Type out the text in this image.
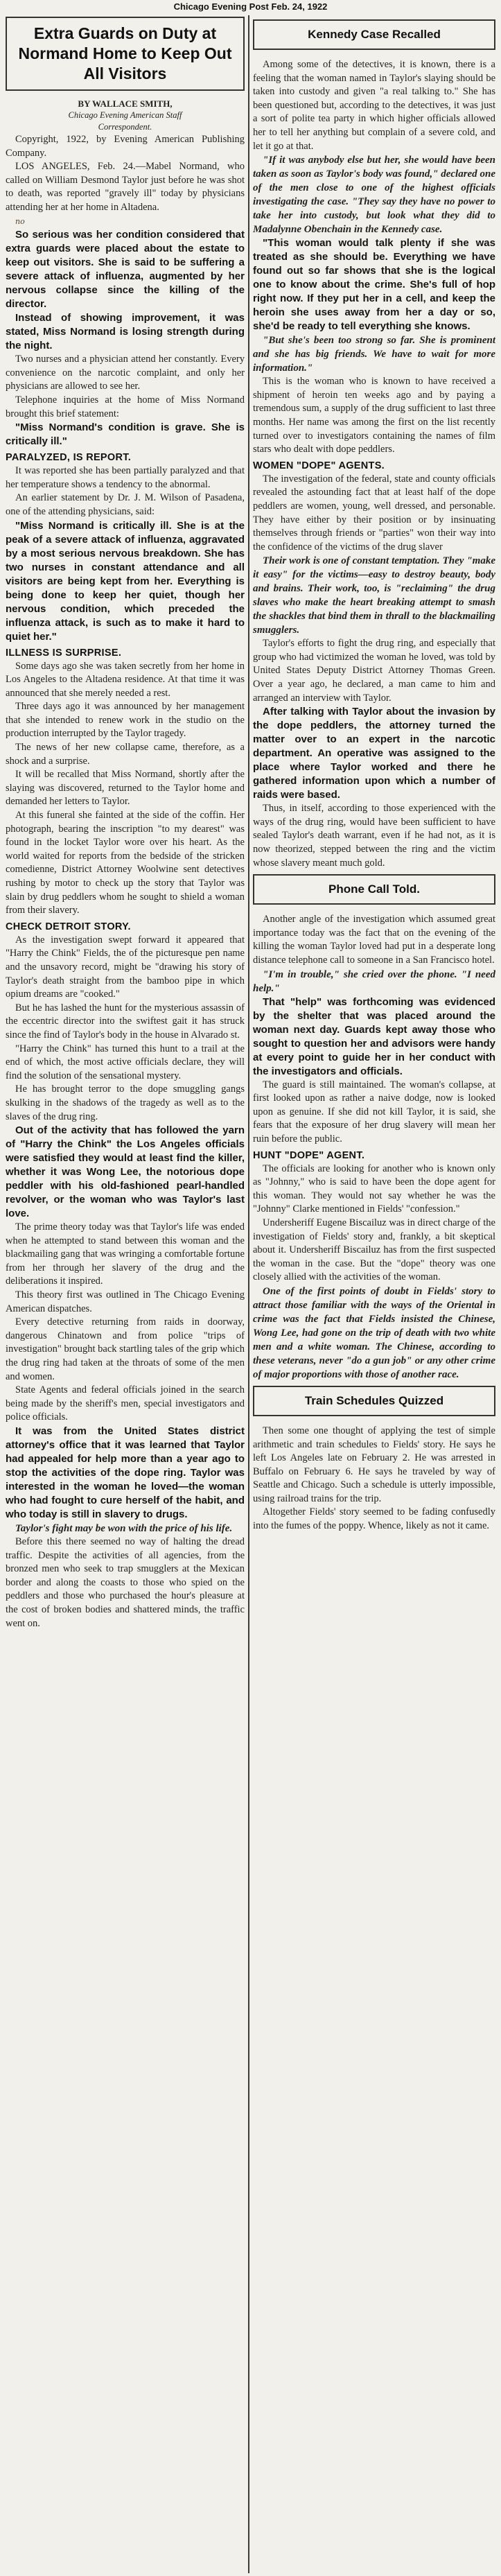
Chicago Evening Post Feb. 24, 1922
Extra Guards on Duty at Normand Home to Keep Out All Visitors
BY WALLACE SMITH,
Chicago Evening American Staff
Correspondent.

Copyright, 1922, by Evening American Publishing Company.

LOS ANGELES, Feb. 24.—Mabel Normand, who called on William Desmond Taylor just before he was shot to death, was reported "gravely ill" today by physicians attending her at her home in Altadena.

no

So serious was her condition considered that extra guards were placed about the estate to keep out visitors. She is said to be suffering a severe attack of influenza, augmented by her nervous collapse since the killing of the director.

Instead of showing improvement, it was stated, Miss Normand is losing strength during the night.

Two nurses and a physician attend her constantly. Every convenience on the narcotic complaint, and only her physicians are allowed to see her.

Telephone inquiries at the home of Miss Normand brought this brief statement:

"Miss Normand's condition is grave. She is critically ill."

PARALYZED, IS REPORT.

It was reported she has been partially paralyzed and that her temperature shows a tendency to the abnormal.

An earlier statement by Dr. J. M. Wilson of Pasadena, one of the attending physicians, said:

"Miss Normand is critically ill. She is at the peak of a severe attack of influenza, aggravated by a most serious nervous breakdown. She has two nurses in constant attendance and all visitors are being kept from her. Everything is being done to keep her quiet, though her nervous condition, which preceded the influenza attack, is such as to make it hard to quiet her."

ILLNESS IS SURPRISE.

Some days ago she was taken secretly from her home in Los Angeles to the Altadena residence. At that time it was announced that she merely needed a rest.

Three days ago it was announced by her management that she intended to renew work in the studio on the production interrupted by the Taylor tragedy.

The news of her new collapse came, therefore, as a shock and a surprise.

It will be recalled that Miss Normand, shortly after the slaying was discovered, returned to the Taylor home and demanded her letters to Taylor.

At this funeral she fainted at the side of the coffin. Her photograph, bearing the inscription "to my dearest" was found in the locket Taylor wore over his heart. As the world waited for reports from the bedside of the stricken comedienne, District Attorney Woolwine sent detectives rushing by motor to check up the story that Taylor was slain by drug peddlers whom he sought to shield a woman from their slavery.

CHECK DETROIT STORY.

As the investigation swept forward it appeared that "Harry the Chink" Fields, the of the picturesque pen name and the unsavory record, might be "drawing his story of Taylor's death straight from the bamboo pipe in which opium dreams are "cooked."

But he has lashed the hunt for the mysterious assassin of the eccentric director into the swiftest gait it has struck since the find of Taylor's body in the house in Alvarado st.

"Harry the Chink" has turned this hunt to a trail at the end of which, the most active officials declare, they will find the solution of the sensational mystery.

He has brought terror to the dope smuggling gangs skulking in the shadows of the tragedy as well as to the slaves of the drug ring.

Out of the activity that has followed the yarn of "Harry the Chink" the Los Angeles officials were satisfied they would at least find the killer, whether it was Wong Lee, the notorious dope peddler with his old-fashioned pearl-handled revolver, or the woman who was Taylor's last love.

The prime theory today was that Taylor's life was ended when he attempted to stand between this woman and the blackmailing gang that was wringing a comfortable fortune from her through her slavery of the drug and the deliberations it inspired.

This theory first was outlined in The Chicago Evening American dispatches.

Every detective returning from raids in doorway, dangerous Chinatown and from police "trips of investigation" brought back startling tales of the grip which the drug ring had taken at the throats of some of the men and women.

State Agents and federal officials joined in the search being made by the sheriff's men, special investigators and police officials.

It was from the United States district attorney's office that it was learned that Taylor had appealed for help more than a year ago to stop the activities of the dope ring. Taylor was interested in the woman he loved—the woman who had fought to cure herself of the habit, and who today is still in slavery to drugs.

Taylor's fight may be won with the price of his life.

Before this there seemed no way of halting the dread traffic. Despite the activities of all agencies, from the bronzed men who seek to trap smugglers at the Mexican border and along the coasts to those who spied on the peddlers and those who purchased the hour's pleasure at the cost of broken bodies and shattered minds, the traffic went on.

Kennedy Case Recalled

Among some of the detectives, it is known, there is a feeling that the woman named in Taylor's slaying should be taken into custody and given "a real talking to." She has been questioned but, according to the detectives, it was just a sort of polite tea party in which higher officials allowed her to tell her anything but complain of a severe cold, and let it go at that.

"If it was anybody else but her, she would have been taken as soon as Taylor's body was found," declared one of the men close to one of the highest officials investigating the case. "They say they have no power to take her into custody, but look what they did to Madalynne Obenchain in the Kennedy case.

"This woman would talk plenty if she was treated as she should be. Everything we have found out so far shows that she is the logical one to know about the crime. She's full of hop right now. If they put her in a cell, and keep the heroin she uses away from her a day or so, she'd be ready to tell everything she knows.

"But she's been too strong so far. She is prominent and she has big friends. We have to wait for more information."

This is the woman who is known to have received a shipment of heroin ten weeks ago and by paying a tremendous sum, a supply of the drug sufficient to last three months. Her name was among the first on the list recently turned over to investigators containing the names of film stars who dealt with dope peddlers.

WOMEN "DOPE" AGENTS.

The investigation of the federal, state and county officials revealed the astounding fact that at least half of the dope peddlers are women, young, well dressed, and personable. They have either by their position or by insinuating themselves through friends or "parties" won their way into the confidence of the victims of the drug slaver

Their work is one of constant temptation. They "make it easy" for the victims—easy to destroy beauty, body and brains. Their work, too, is "reclaiming" the drug slaves who make the heart breaking attempt to smash the shackles that bind them in thrall to the blackmailing smugglers.

Taylor's efforts to fight the drug ring, and especially that group who had victimized the woman he loved, was told by United States Deputy District Attorney Thomas Green. Over a year ago, he declared, a man came to him and arranged an interview with Taylor.

After talking with Taylor about the invasion by the dope peddlers, the attorney turned the matter over to an expert in the narcotic department. An operative was assigned to the place where Taylor worked and there he gathered information upon which a number of raids were based.

Thus, in itself, according to those experienced with the ways of the drug ring, would have been sufficient to have sealed Taylor's death warrant, even if he had not, as it is now theorized, stepped between the ring and the victim whose slavery meant much gold.

Phone Call Told.

Another angle of the investigation which assumed great importance today was the fact that on the evening of the killing the woman Taylor loved had put in a desperate long distance telephone call to someone in a San Francisco hotel.

"I'm in trouble," she cried over the phone. "I need help."

That "help" was forthcoming was evidenced by the shelter that was placed around the woman next day. Guards kept away those who sought to question her and advisors were handy at every point to guide her in her conduct with the investigators and officials.

The guard is still maintained. The woman's collapse, at first looked upon as rather a naive dodge, now is looked upon as genuine. If she did not kill Taylor, it is said, she fears that the exposure of her drug slavery will mean her ruin before the public.

HUNT "DOPE" AGENT.

The officials are looking for another who is known only as "Johnny," who is said to have been the dope agent for this woman. They would not say whether he was the "Johnny" Clarke mentioned in Fields' "confession."

Undersheriff Eugene Biscailuz was in direct charge of the investigation of Fields' story and, frankly, a bit skeptical about it. Undersheriff Biscailuz has from the first suspected the woman in the case. But the "dope" theory was one closely allied with the activities of the woman.

One of the first points of doubt in Fields' story to attract those familiar with the ways of the Oriental in crime was the fact that Fields insisted the Chinese, Wong Lee, had gone on the trip of death with two white men and a white woman. The Chinese, according to these veterans, never "do a gun job" or any other crime of major proportions with those of another race.

Train Schedules Quizzed

Then some one thought of applying the test of simple arithmetic and train schedules to Fields' story. He says he left Los Angeles late on February 2. He was arrested in Buffalo on February 6. He says he traveled by way of Seattle and Chicago. Such a schedule is utterly impossible, using railroad trains for the trip.

Altogether Fields' story seemed to be fading confusedly into the fumes of the poppy. Whence, likely as not it came.
